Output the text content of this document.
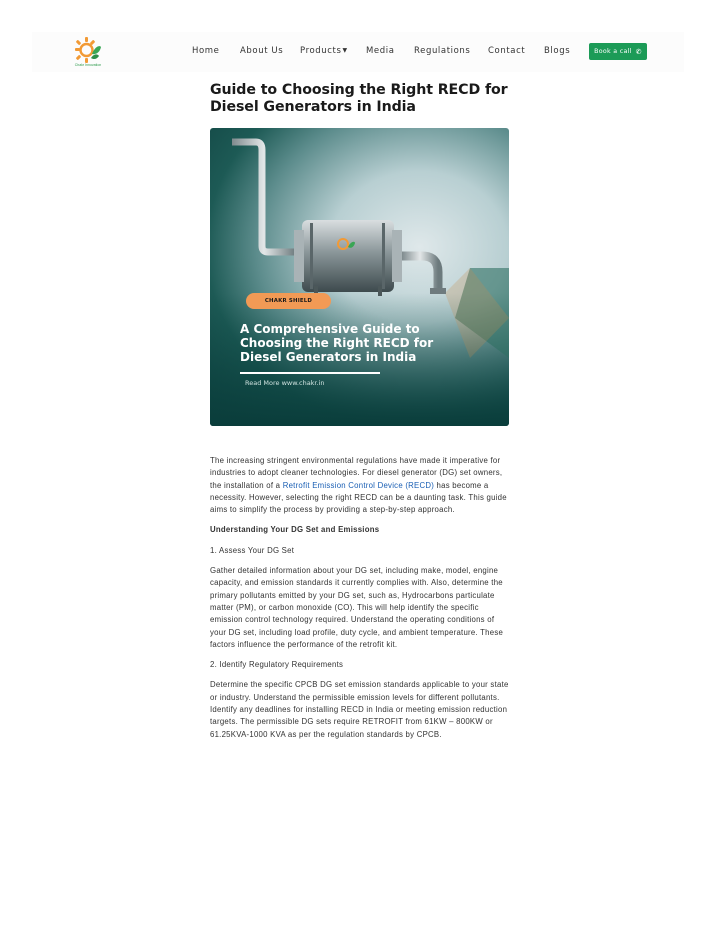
Chakr Innovation
Home About Us Products▼ Media Regulations Contact Blogs	Book a call ✆
Guide to Choosing the Right RECD for Diesel Generators in India
CHAKR SHIELD
A Comprehensive Guide to Choosing the Right RECD for Diesel Generators in India
Read More www.chakr.in

The increasing stringent environmental regulations have made it imperative for industries to adopt cleaner technologies. For diesel generator (DG) set owners, the installation of a Retrofit Emission Control Device (RECD) has become a necessity. However, selecting the right RECD can be a daunting task. This guide aims to simplify the process by providing a step-by-step approach.

Understanding Your DG Set and Emissions

1. Assess Your DG Set

Gather detailed information about your DG set, including make, model, engine capacity, and emission standards it currently complies with. Also, determine the primary pollutants emitted by your DG set, such as, Hydrocarbons particulate matter (PM), or carbon monoxide (CO). This will help identify the specific emission control technology required. Understand the operating conditions of your DG set, including load profile, duty cycle, and ambient temperature. These factors influence the performance of the retrofit kit.

2. Identify Regulatory Requirements

Determine the specific CPCB DG set emission standards applicable to your state or industry. Understand the permissible emission levels for different pollutants. Identify any deadlines for installing RECD in India or meeting emission reduction targets. The permissible DG sets require RETROFIT from 61KW – 800KW or 61.25KVA-1000 KVA as per the regulation standards by CPCB.
